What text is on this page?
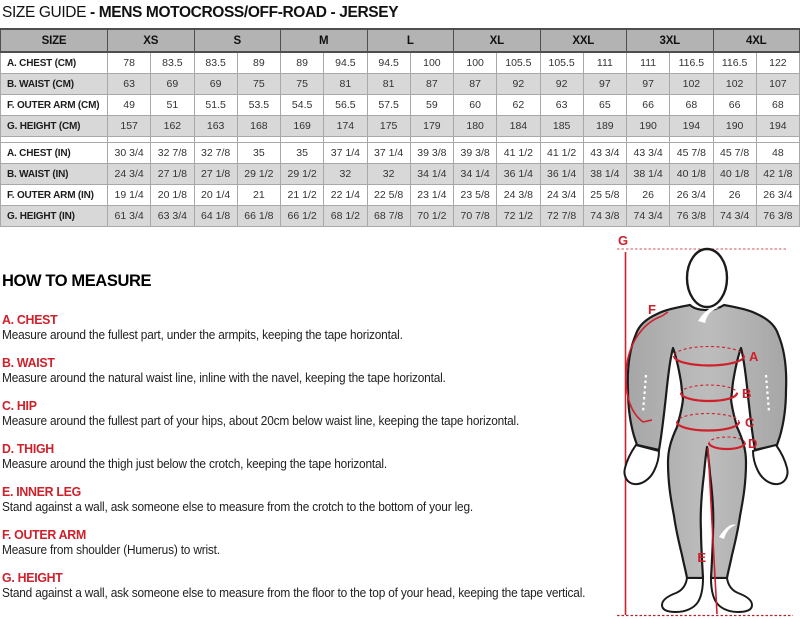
SIZE GUIDE - MENS MOTOCROSS/OFF-ROAD - JERSEY
SIZE	XS		S		M		L		XL		XXL		3XL		4XL	
A. CHEST (CM)	78	83.5	83.5	89	89	94.5	94.5	100	100	105.5	105.5	111	111	116.5	116.5	122
B. WAIST (CM)	63	69	69	75	75	81	81	87	87	92	92	97	97	102	102	107
F. OUTER ARM (CM)	49	51	51.5	53.5	54.5	56.5	57.5	59	60	62	63	65	66	68	66	68
G. HEIGHT (CM)	157	162	163	168	169	174	175	179	180	184	185	189	190	194	190	194

A. CHEST (IN)	30 3/4	32 7/8	32 7/8	35	35	37 1/4	37 1/4	39 3/8	39 3/8	41 1/2	41 1/2	43 3/4	43 3/4	45 7/8	45 7/8	48
B. WAIST (IN)	24 3/4	27 1/8	27 1/8	29 1/2	29 1/2	32	32	34 1/4	34 1/4	36 1/4	36 1/4	38 1/4	38 1/4	40 1/8	40 1/8	42 1/8
F. OUTER ARM (IN)	19 1/4	20 1/8	20 1/4	21	21 1/2	22 1/4	22 5/8	23 1/4	23 5/8	24 3/8	24 3/4	25 5/8	26	26 3/4	26	26 3/4
G. HEIGHT (IN)	61 3/4	63 3/4	64 1/8	66 1/8	66 1/2	68 1/2	68 7/8	70 1/2	70 7/8	72 1/2	72 7/8	74 3/8	74 3/4	76 3/8	74 3/4	76 3/8
HOW TO MEASURE
A. CHEST
Measure around the fullest part, under the armpits, keeping the tape horizontal.
B. WAIST
Measure around the natural waist line, inline with the navel, keeping the tape horizontal.
C. HIP
Measure around the fullest part of your hips, about 20cm below waist line, keeping the tape horizontal.
D. THIGH
Measure around the thigh just below the crotch, keeping the tape horizontal.
E. INNER LEG
Stand against a wall, ask someone else to measure from the crotch to the bottom of your leg.
F. OUTER ARM
Measure from shoulder (Humerus) to wrist.
G. HEIGHT
Stand against a wall, ask someone else to measure from the floor to the top of your head, keeping the tape vertical.
G
F
A
B
C
D
E
